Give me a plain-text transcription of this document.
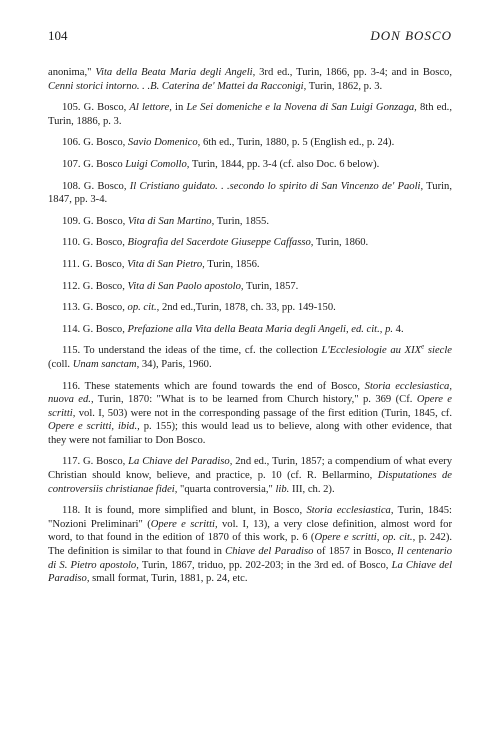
104	DON BOSCO

anonima," Vita della Beata Maria degli Angeli, 3rd ed., Turin, 1866, pp. 3-4; and in Bosco, Cenni storici intorno. . .B. Caterina de' Mattei da Racconigi, Turin, 1862, p. 3.

105. G. Bosco, Al lettore, in Le Sei domeniche e la Novena di San Luigi Gonzaga, 8th ed., Turin, 1886, p. 3.

106. G. Bosco, Savio Domenico, 6th ed., Turin, 1880, p. 5 (English ed., p. 24).

107. G. Bosco Luigi Comollo, Turin, 1844, pp. 3-4 (cf. also Doc. 6 below).

108. G. Bosco, Il Cristiano guidato. . .secondo lo spirito di San Vincenzo de' Paoli, Turin, 1847, pp. 3-4.

109. G. Bosco, Vita di San Martino, Turin, 1855.

110. G. Bosco, Biografia del Sacerdote Giuseppe Caffasso, Turin, 1860.

111. G. Bosco, Vita di San Pietro, Turin, 1856.

112. G. Bosco, Vita di San Paolo apostolo, Turin, 1857.

113. G. Bosco, op. cit., 2nd ed.,Turin, 1878, ch. 33, pp. 149-150.

114. G. Bosco, Prefazione alla Vita della Beata Maria degli Angeli, ed. cit., p. 4.

115. To understand the ideas of the time, cf. the collection L'Ecclesiologie au XIXe siecle (coll. Unam sanctam, 34), Paris, 1960.

116. These statements which are found towards the end of Bosco, Storia ecclesiastica, nuova ed., Turin, 1870: "What is to be learned from Church history," p. 369 (Cf. Opere e scritti, vol. I, 503) were not in the corresponding passage of the first edition (Turin, 1845, cf. Opere e scritti, ibid., p. 155); this would lead us to believe, along with other evidence, that they were not familiar to Don Bosco.

117. G. Bosco, La Chiave del Paradiso, 2nd ed., Turin, 1857; a compendium of what every Christian should know, believe, and practice, p. 10 (cf. R. Bellarmino, Disputationes de controversiis christianae fidei, "quarta controversia," lib. III, ch. 2).

118. It is found, more simplified and blunt, in Bosco, Storia ecclesiastica, Turin, 1845: "Nozioni Preliminari" (Opere e scritti, vol. I, 13), a very close definition, almost word for word, to that found in the edition of 1870 of this work, p. 6 (Opere e scritti, op. cit., p. 242). The definition is similar to that found in Chiave del Paradiso of 1857 in Bosco, Il centenario di S. Pietro apostolo, Turin, 1867, triduo, pp. 202-203; in the 3rd ed. of Bosco, La Chiave del Paradiso, small format, Turin, 1881, p. 24, etc.
